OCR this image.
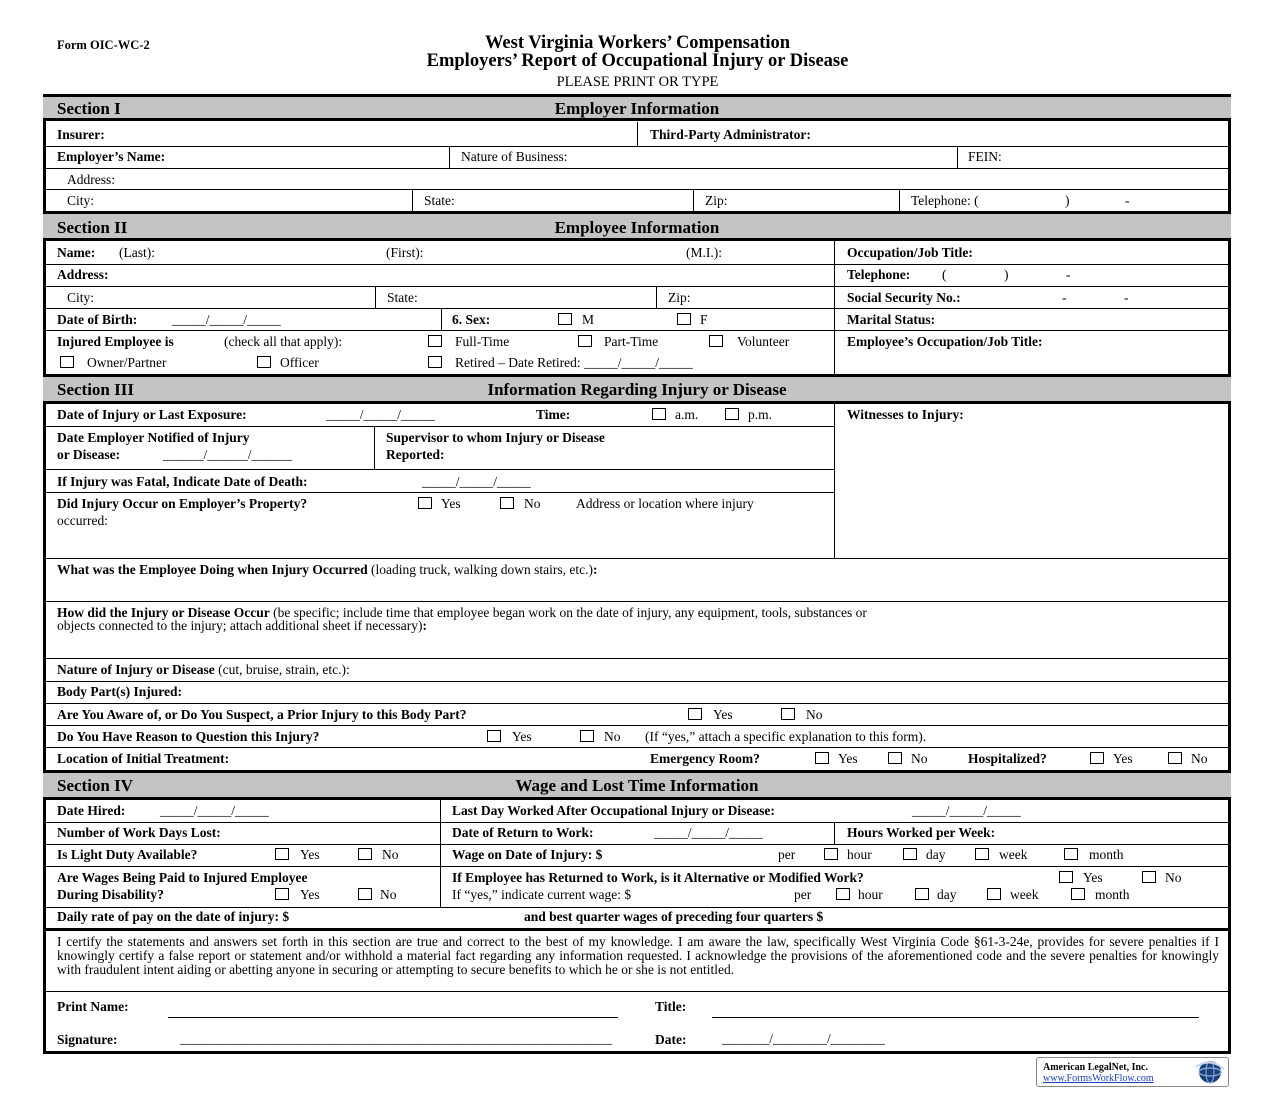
Form OIC-WC-2	West Virginia Workers’ Compensation
Employers’ Report of Occupational Injury or Disease
PLEASE PRINT OR TYPE
Section I	Employer Information
Insurer:	Third-Party Administrator:
Employer’s Name:	Nature of Business:	FEIN:
Address:
City:	State:	Zip:	Telephone: (	)	-
Section II	Employee Information
Name: (Last):	(First):	(M.I.):	Occupation/Job Title:
Address:	Telephone: (	)	-
City:	State:	Zip:	Social Security No.:	-	-
Date of Birth:	_____/_____/_____	6. Sex:	M	F	Marital Status:
Injured Employee is	(check all that apply):	Full-Time	Part-Time	Volunteer	Employee’s Occupation/Job Title:
Owner/Partner	Officer	Retired – Date Retired: _____/_____/_____
Section III	Information Regarding Injury or Disease
Date of Injury or Last Exposure:	_____/_____/_____	Time:	a.m.	p.m.	Witnesses to Injury:
Date Employer Notified of Injury
or Disease:	______/______/______
Supervisor to whom Injury or Disease
Reported:
If Injury was Fatal, Indicate Date of Death:	_____/_____/_____
Did Injury Occur on Employer’s Property?	Yes	No	Address or location where injury
occurred:
What was the Employee Doing when Injury Occurred (loading truck, walking down stairs, etc.):
How did the Injury or Disease Occur (be specific; include time that employee began work on the date of injury, any equipment, tools, substances or
objects connected to the injury; attach additional sheet if necessary):
Nature of Injury or Disease (cut, bruise, strain, etc.):
Body Part(s) Injured:
Are You Aware of, or Do You Suspect, a Prior Injury to this Body Part?	Yes	No
Do You Have Reason to Question this Injury?	Yes	No (If “yes,” attach a specific explanation to this form).
Location of Initial Treatment:	Emergency Room?	Yes	No	Hospitalized?	Yes	No
Section IV	Wage and Lost Time Information
Date Hired:	_____/_____/_____	Last Day Worked After Occupational Injury or Disease:	_____/_____/_____
Number of Work Days Lost:	Date of Return to Work:	_____/_____/_____	Hours Worked per Week:
Is Light Duty Available?	Yes	No	Wage on Date of Injury: $	per	hour	day	week	month
Are Wages Being Paid to Injured Employee
During Disability?	Yes	No
If Employee has Returned to Work, is it Alternative or Modified Work?	Yes	No
If “yes,” indicate current wage: $	per	hour	day	week	month
Daily rate of pay on the date of injury: $	and best quarter wages of preceding four quarters $
I certify the statements and answers set forth in this section are true and correct to the best of my knowledge. I am aware the law, specifically West Virginia Code §61-3-24e, provides for severe penalties if I knowingly certify a false report or statement and/or withhold a material fact regarding any information requested. I acknowledge the provisions of the aforementioned code and the severe penalties for knowingly with fraudulent intent aiding or abetting anyone in securing or attempting to secure benefits to which he or she is not entitled.
Print Name:	Title:
Signature:	________________________________________________________________	Date:	_______/________/________
American LegalNet, Inc.
www.FormsWorkFlow.com
